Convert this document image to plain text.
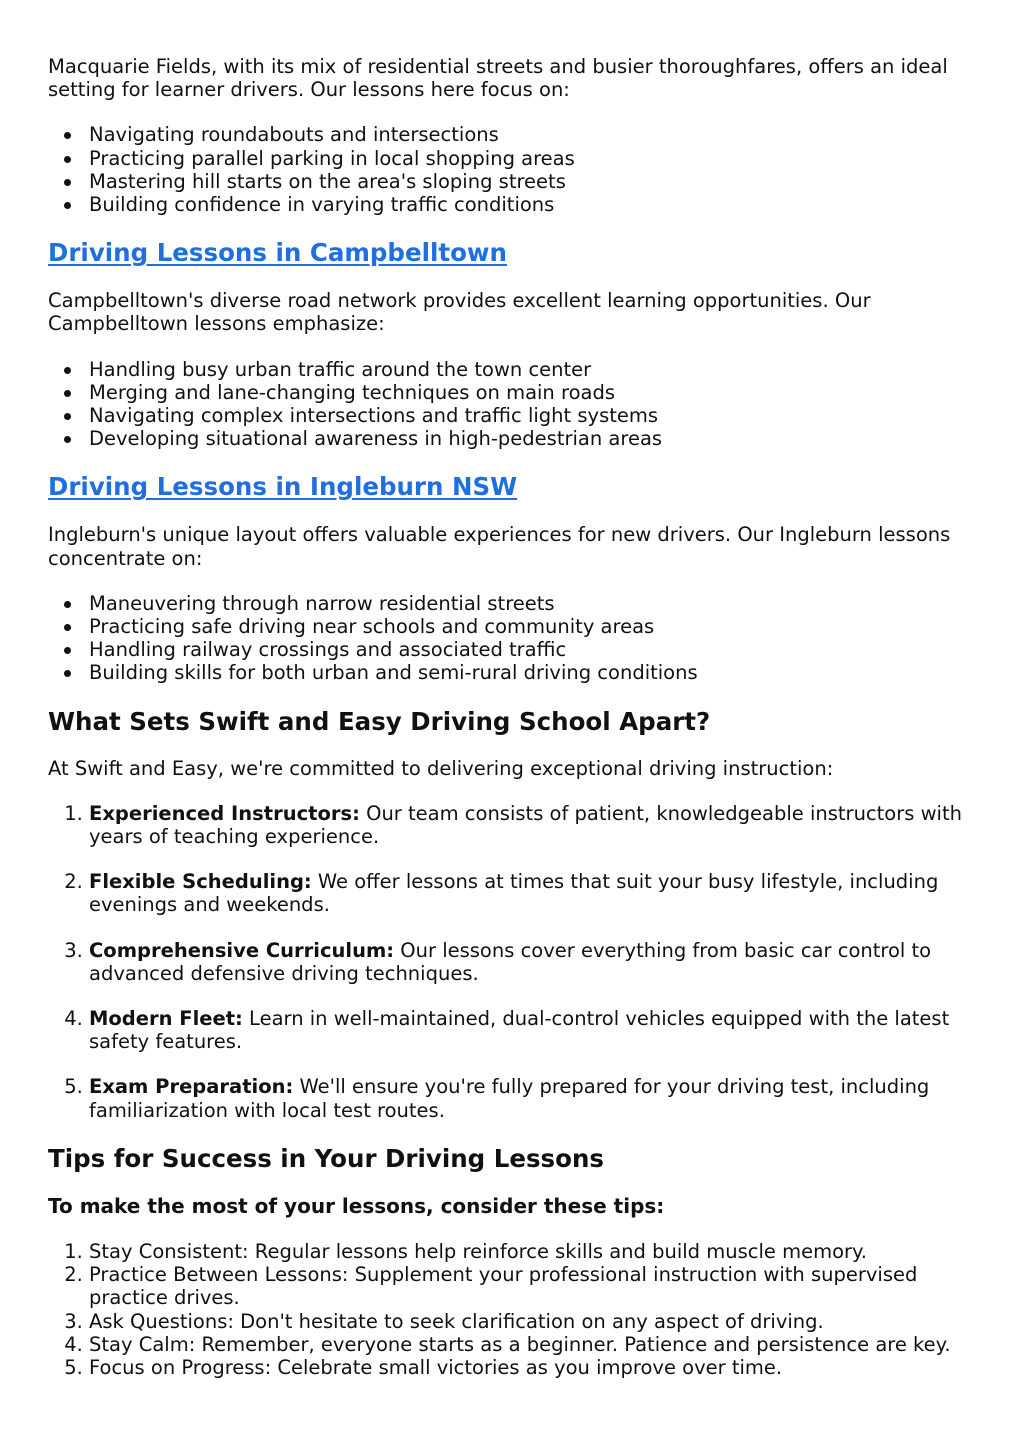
Macquarie Fields, with its mix of residential streets and busier thoroughfares, offers an ideal setting for learner drivers. Our lessons here focus on:

Navigating roundabouts and intersections
Practicing parallel parking in local shopping areas
Mastering hill starts on the area's sloping streets
Building confidence in varying traffic conditions
Driving Lessons in Campbelltown

Campbelltown's diverse road network provides excellent learning opportunities. Our Campbelltown lessons emphasize:

Handling busy urban traffic around the town center
Merging and lane-changing techniques on main roads
Navigating complex intersections and traffic light systems
Developing situational awareness in high-pedestrian areas
Driving Lessons in Ingleburn NSW

Ingleburn's unique layout offers valuable experiences for new drivers. Our Ingleburn lessons concentrate on:

Maneuvering through narrow residential streets
Practicing safe driving near schools and community areas
Handling railway crossings and associated traffic
Building skills for both urban and semi-rural driving conditions
What Sets Swift and Easy Driving School Apart?

At Swift and Easy, we're committed to delivering exceptional driving instruction:

1. Experienced Instructors: Our team consists of patient, knowledgeable instructors with years of teaching experience.
2. Flexible Scheduling: We offer lessons at times that suit your busy lifestyle, including evenings and weekends.
3. Comprehensive Curriculum: Our lessons cover everything from basic car control to advanced defensive driving techniques.
4. Modern Fleet: Learn in well-maintained, dual-control vehicles equipped with the latest safety features.
5. Exam Preparation: We'll ensure you're fully prepared for your driving test, including familiarization with local test routes.
Tips for Success in Your Driving Lessons
To make the most of your lessons, consider these tips:
1. Stay Consistent: Regular lessons help reinforce skills and build muscle memory.
2. Practice Between Lessons: Supplement your professional instruction with supervised practice drives.
3. Ask Questions: Don't hesitate to seek clarification on any aspect of driving.
4. Stay Calm: Remember, everyone starts as a beginner. Patience and persistence are key.
5. Focus on Progress: Celebrate small victories as you improve over time.
